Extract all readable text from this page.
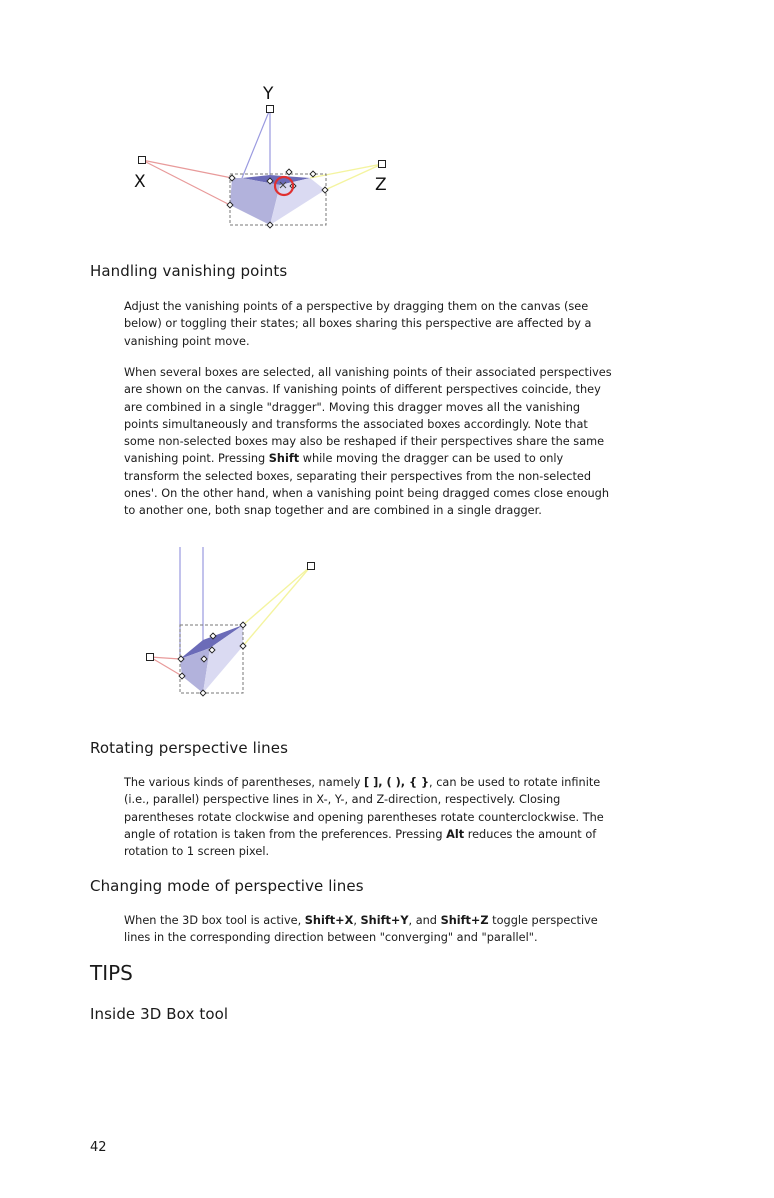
Y
X	Z
Handling vanishing points

Adjust the vanishing points of a perspective by dragging them on the canvas (see below) or toggling their states; all boxes sharing this perspective are affected by a vanishing point move.

When several boxes are selected, all vanishing points of their associated perspectives are shown on the canvas. If vanishing points of different perspectives coincide, they are combined in a single "dragger". Moving this dragger moves all the vanishing points simultaneously and transforms the associated boxes accordingly. Note that some non-selected boxes may also be reshaped if their perspectives share the same vanishing point. Pressing Shift while moving the dragger can be used to only transform the selected boxes, separating their perspectives from the non-selected ones'. On the other hand, when a vanishing point being dragged comes close enough to another one, both snap together and are combined in a single dragger.

Rotating perspective lines

The various kinds of parentheses, namely [ ], ( ), { }, can be used to rotate infinite (i.e., parallel) perspective lines in X-, Y-, and Z-direction, respectively. Closing parentheses rotate clockwise and opening parentheses rotate counterclockwise. The angle of rotation is taken from the preferences. Pressing Alt reduces the amount of rotation to 1 screen pixel.

Changing mode of perspective lines

When the 3D box tool is active, Shift+X, Shift+Y, and Shift+Z toggle perspective lines in the corresponding direction between "converging" and "parallel".

TIPS
Inside 3D Box tool

42
